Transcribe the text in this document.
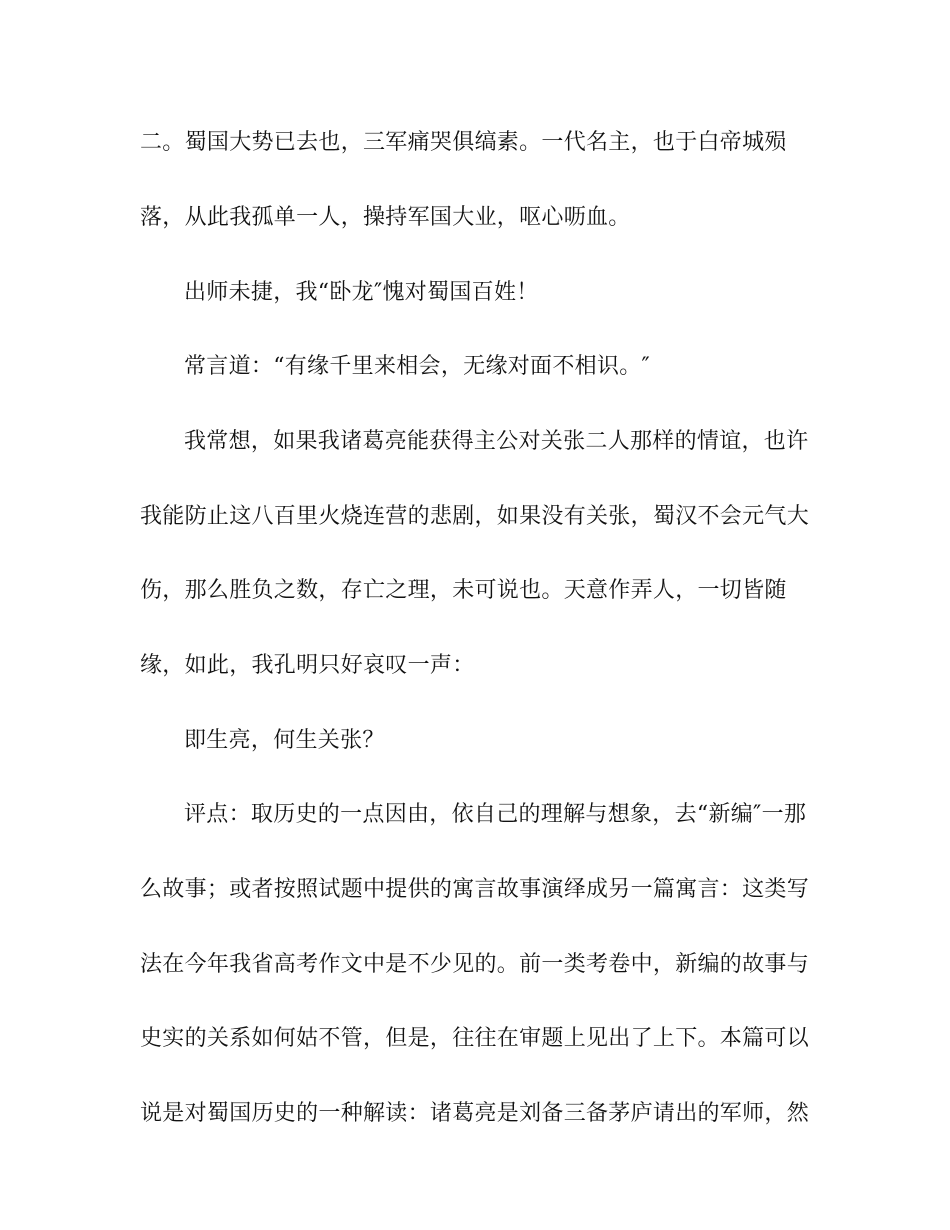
二。蜀国大势已去也，三军痛哭俱缟素。一代名主，也于白帝城殒
落，从此我孤单一人，操持军国大业，呕心呖血。
出师未捷，我“卧龙″愧对蜀国百姓！
常言道：“有缘千里来相会，无缘对面不相识。″
我常想，如果我诸葛亮能获得主公对关张二人那样的情谊，也许
我能防止这八百里火烧连营的悲剧，如果没有关张，蜀汉不会元气大
伤，那么胜负之数，存亡之理，未可说也。天意作弄人，一切皆随
缘，如此，我孔明只好哀叹一声：
即生亮，何生关张？
评点：取历史的一点因由，依自己的理解与想象，去“新编″一那
么故事；或者按照试题中提供的寓言故事演绎成另一篇寓言：这类写
法在今年我省高考作文中是不少见的。前一类考卷中，新编的故事与
史实的关系如何姑不管，但是，往往在审题上见出了上下。本篇可以
说是对蜀国历史的一种解读：诸葛亮是刘备三备茅庐请出的军师，然
